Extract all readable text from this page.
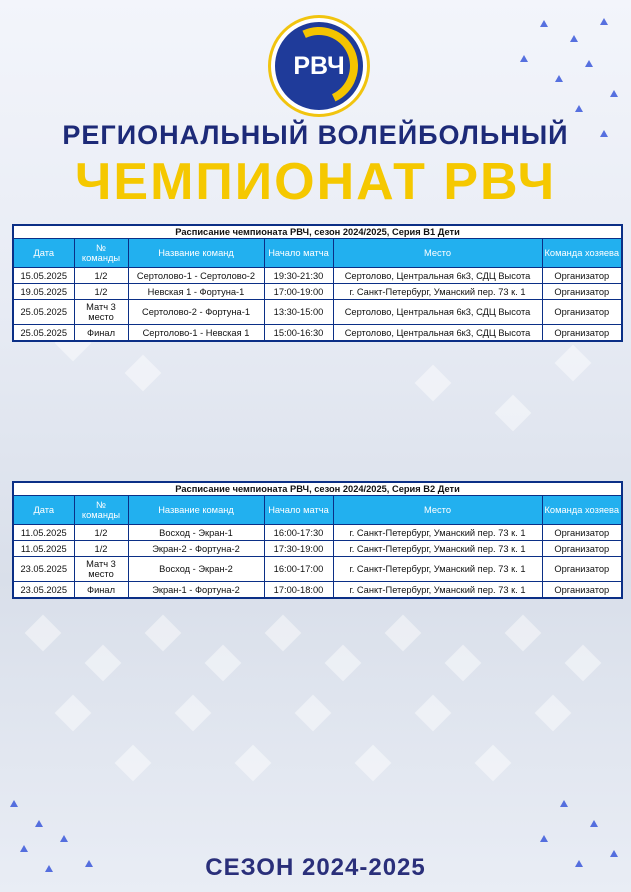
РВЧ
РЕГИОНАЛЬНЫЙ ВОЛЕЙБОЛЬНЫЙ
ЧЕМПИОНАТ РВЧ
Расписание чемпионата РВЧ, сезон 2024/2025, Серия В1 Дети					
Дата	№ команды	Название команд	Начало матча	Место	Команда хозяева
15.05.2025	1/2	Сертолово-1 - Сертолово-2	19:30-21:30	Сертолово, Центральная 6к3, СДЦ Высота	Организатор
19.05.2025	1/2	Невская 1 - Фортуна-1	17:00-19:00	г. Санкт-Петербург, Уманский пер. 73 к. 1	Организатор
25.05.2025	Матч 3 место	Сертолово-2 - Фортуна-1	13:30-15:00	Сертолово, Центральная 6к3, СДЦ Высота	Организатор
25.05.2025	Финал	Сертолово-1 - Невская 1	15:00-16:30	Сертолово, Центральная 6к3, СДЦ Высота	Организатор
Расписание чемпионата РВЧ, сезон 2024/2025, Серия В2 Дети					
Дата	№ команды	Название команд	Начало матча	Место	Команда хозяева
11.05.2025	1/2	Восход - Экран-1	16:00-17:30	г. Санкт-Петербург, Уманский пер. 73 к. 1	Организатор
11.05.2025	1/2	Экран-2 - Фортуна-2	17:30-19:00	г. Санкт-Петербург, Уманский пер. 73 к. 1	Организатор
23.05.2025	Матч 3 место	Восход - Экран-2	16:00-17:00	г. Санкт-Петербург, Уманский пер. 73 к. 1	Организатор
23.05.2025	Финал	Экран-1 - Фортуна-2	17:00-18:00	г. Санкт-Петербург, Уманский пер. 73 к. 1	Организатор
СЕЗОН 2024-2025
